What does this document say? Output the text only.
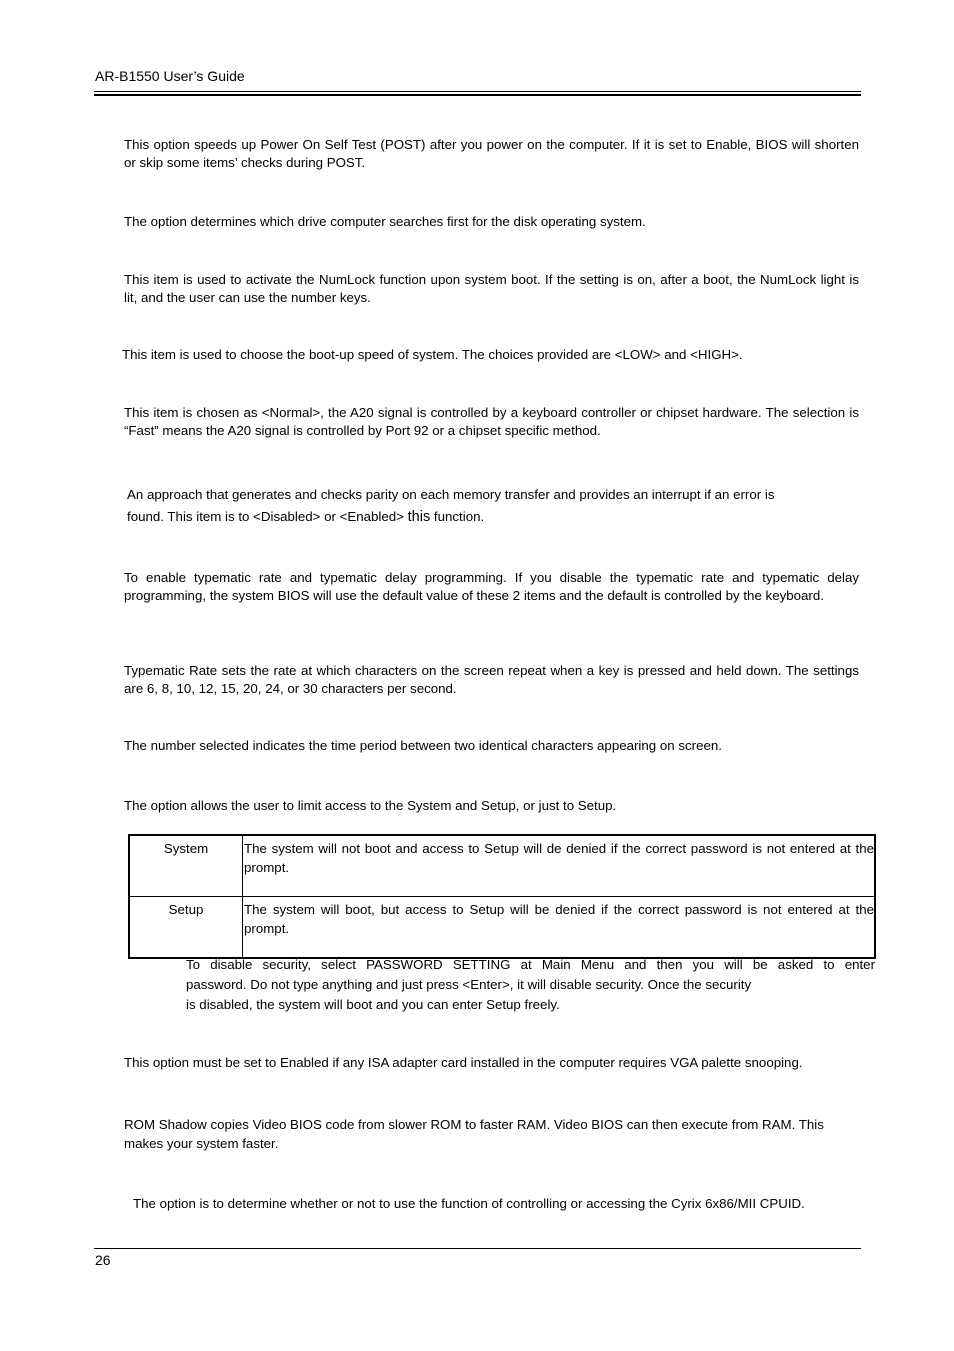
AR-B1550 User’s Guide
This option speeds up Power On Self Test (POST) after you power on the computer. If it is set to Enable, BIOS will shorten or skip some items’ checks during POST.
The option determines which drive computer searches first for the disk operating system.
This item is used to activate the NumLock function upon system boot. If the setting is on, after a boot, the NumLock light is lit, and the user can use the number keys.
This item is used to choose the boot-up speed of system. The choices provided are <LOW> and <HIGH>.
This item is chosen as <Normal>, the A20 signal is controlled by a keyboard controller or chipset hardware. The selection is “Fast” means the A20 signal is controlled by Port 92 or a chipset specific method.
An approach that generates and checks parity on each memory transfer and provides an interrupt if an error is
found. This item is to <Disabled> or <Enabled> this function.
To enable typematic rate and typematic delay programming. If you disable the typematic rate and typematic delay programming, the system BIOS will use the default value of these 2 items and the default is controlled by the keyboard.
Typematic Rate sets the rate at which characters on the screen repeat when a key is pressed and held down. The settings are 6, 8, 10, 12, 15, 20, 24, or 30 characters per second.
The number selected indicates the time period between two identical characters appearing on screen.
The option allows the user to limit access to the System and Setup, or just to Setup.
System	The system will not boot and access to Setup will de denied if the correct password is not entered at the prompt.
Setup	The system will boot, but access to Setup will be denied if the correct password is not entered at the prompt.
To disable security, select PASSWORD SETTING at Main Menu and then you will be asked to enter
password. Do not type anything and just press <Enter>, it will disable security. Once the security
is disabled, the system will boot and you can enter Setup freely.
This option must be set to Enabled if any ISA adapter card installed in the computer requires VGA palette snooping.
ROM Shadow copies Video BIOS code from slower ROM to faster RAM. Video BIOS can then execute from RAM. This makes your system faster.
The option is to determine whether or not to use the function of controlling or accessing the Cyrix 6x86/MII CPUID.
26
